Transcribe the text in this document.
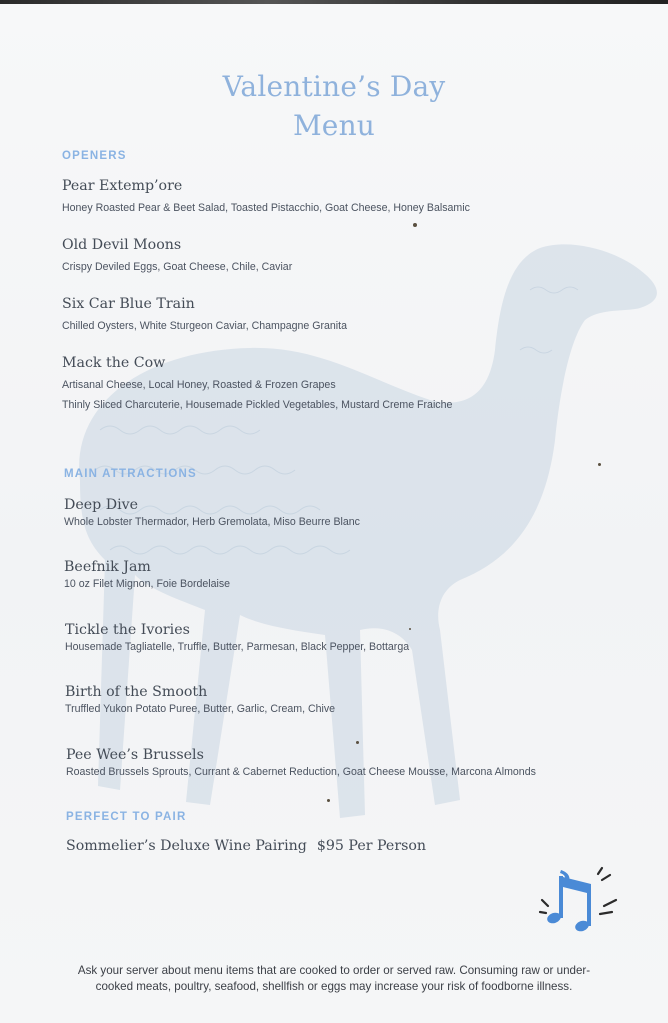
Valentine’s Day
Menu
OPENERS
Pear Extemp’ore
Honey Roasted Pear & Beet Salad, Toasted Pistacchio, Goat Cheese, Honey Balsamic
Old Devil Moons
Crispy Deviled Eggs, Goat Cheese, Chile, Caviar
Six Car Blue Train
Chilled Oysters, White Sturgeon Caviar, Champagne Granita
Mack the Cow
Artisanal Cheese, Local Honey, Roasted & Frozen Grapes
Thinly Sliced Charcuterie, Housemade Pickled Vegetables, Mustard Creme Fraiche
MAIN ATTRACTIONS
Deep Dive
Whole Lobster Thermador, Herb Gremolata, Miso Beurre Blanc
Beefnik Jam
10 oz Filet Mignon, Foie Bordelaise
Tickle the Ivories
Housemade Tagliatelle, Truffle, Butter, Parmesan, Black Pepper, Bottarga
Birth of the Smooth
Truffled Yukon Potato Puree, Butter, Garlic, Cream, Chive
Pee Wee’s Brussels
Roasted Brussels Sprouts, Currant & Cabernet Reduction, Goat Cheese Mousse, Marcona Almonds
PERFECT TO PAIR
Sommelier’s Deluxe Wine Pairing $95 Per Person
Ask your server about menu items that are cooked to order or served raw. Consuming raw or under-
cooked meats, poultry, seafood, shellfish or eggs may increase your risk of foodborne illness.
